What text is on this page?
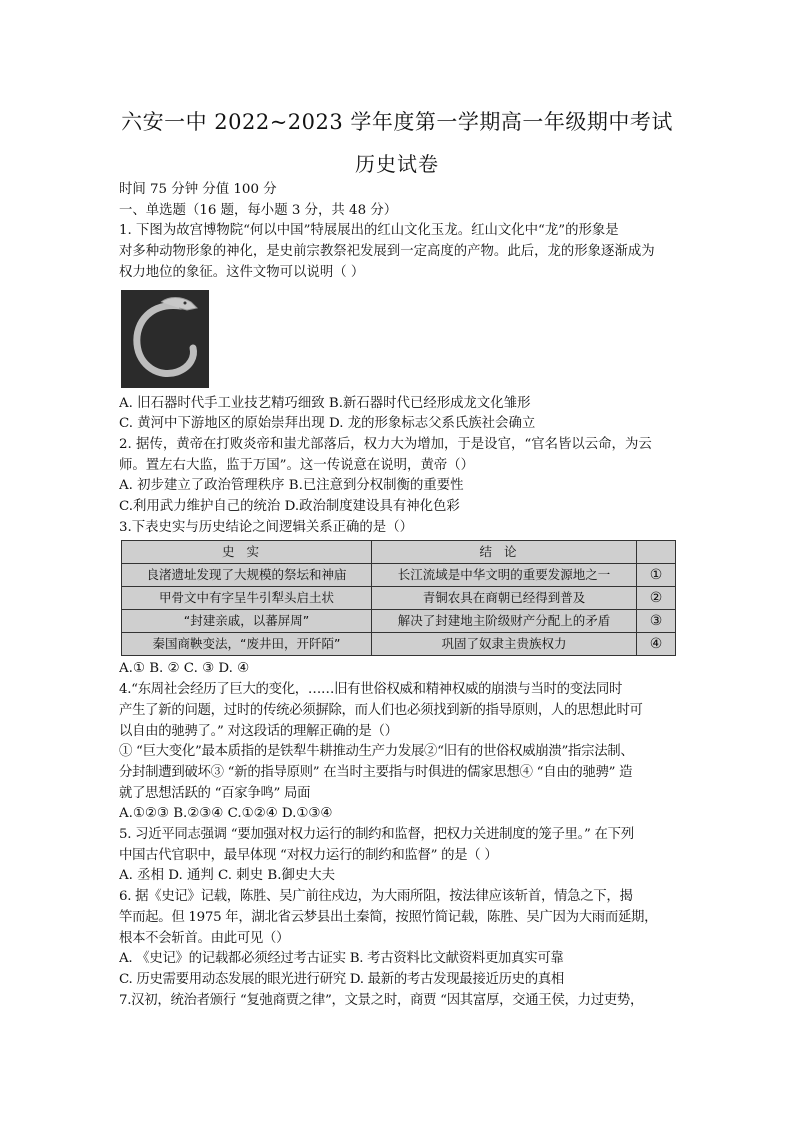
六安一中 2022~2023 学年度第一学期高一年级期中考试
历史试卷
时间 75 分钟 分值 100 分
一、单选题（16 题，每小题 3 分，共 48 分）
1. 下图为故宫博物院“何以中国”特展展出的红山文化玉龙。红山文化中“龙”的形象是
对多种动物形象的神化，是史前宗教祭祀发展到一定高度的产物。此后，龙的形象逐渐成为
权力地位的象征。这件文物可以说明（ ）
A. 旧石器时代手工业技艺精巧细致 B.新石器时代已经形成龙文化雏形
C. 黄河中下游地区的原始崇拜出现 D. 龙的形象标志父系氏族社会确立
2. 据传，黄帝在打败炎帝和蚩尤部落后，权力大为增加，于是设官，“官名皆以云命，为云
师。置左右大监，监于万国”。这一传说意在说明，黄帝（）
A. 初步建立了政治管理秩序 B.已注意到分权制衡的重要性
C.利用武力维护自己的统治 D.政治制度建设具有神化色彩
3.下表史实与历史结论之间逻辑关系正确的是（）
史实	结论	
良渚遗址发现了大规模的祭坛和神庙	长江流域是中华文明的重要发源地之一	①
甲骨文中有字呈牛引犁头启土状	青铜农具在商朝已经得到普及	②
“封建亲戚，以蕃屏周”	解决了封建地主阶级财产分配上的矛盾	③
秦国商鞅变法，“废井田，开阡陌”	巩固了奴隶主贵族权力	④
A.① B. ② C. ③ D. ④
4.“东周社会经历了巨大的变化，……旧有世俗权威和精神权威的崩溃与当时的变法同时
产生了新的问题，过时的传统必须摒除，而人们也必须找到新的指导原则，人的思想此时可
以自由的驰骋了。” 对这段话的理解正确的是（）
① “巨大变化”最本质指的是铁犁牛耕推动生产力发展②“旧有的世俗权威崩溃”指宗法制、
分封制遭到破坏③ “新的指导原则” 在当时主要指与时俱进的儒家思想④ “自由的驰骋” 造
就了思想活跃的 “百家争鸣” 局面
A.①②③ B.②③④ C.①②④ D.①③④
5. 习近平同志强调 “要加强对权力运行的制约和监督，把权力关进制度的笼子里。” 在下列
中国古代官职中，最早体现 “对权力运行的制约和监督” 的是（ ）
A. 丞相 D. 通判 C. 刺史 B.御史大夫
6. 据《史记》记载，陈胜、吴广前往戍边，为大雨所阻，按法律应该斩首，情急之下，揭
竿而起。但 1975 年，湖北省云梦县出土秦简，按照竹简记载，陈胜、吴广因为大雨而延期，
根本不会斩首。由此可见（）
A. 《史记》的记载都必须经过考古证实 B. 考古资料比文献资料更加真实可靠
C. 历史需要用动态发展的眼光进行研究 D. 最新的考古发现最接近历史的真相
7.汉初，统治者颁行 “复弛商贾之律”，文景之时，商贾 “因其富厚，交通王侯，力过吏势，
